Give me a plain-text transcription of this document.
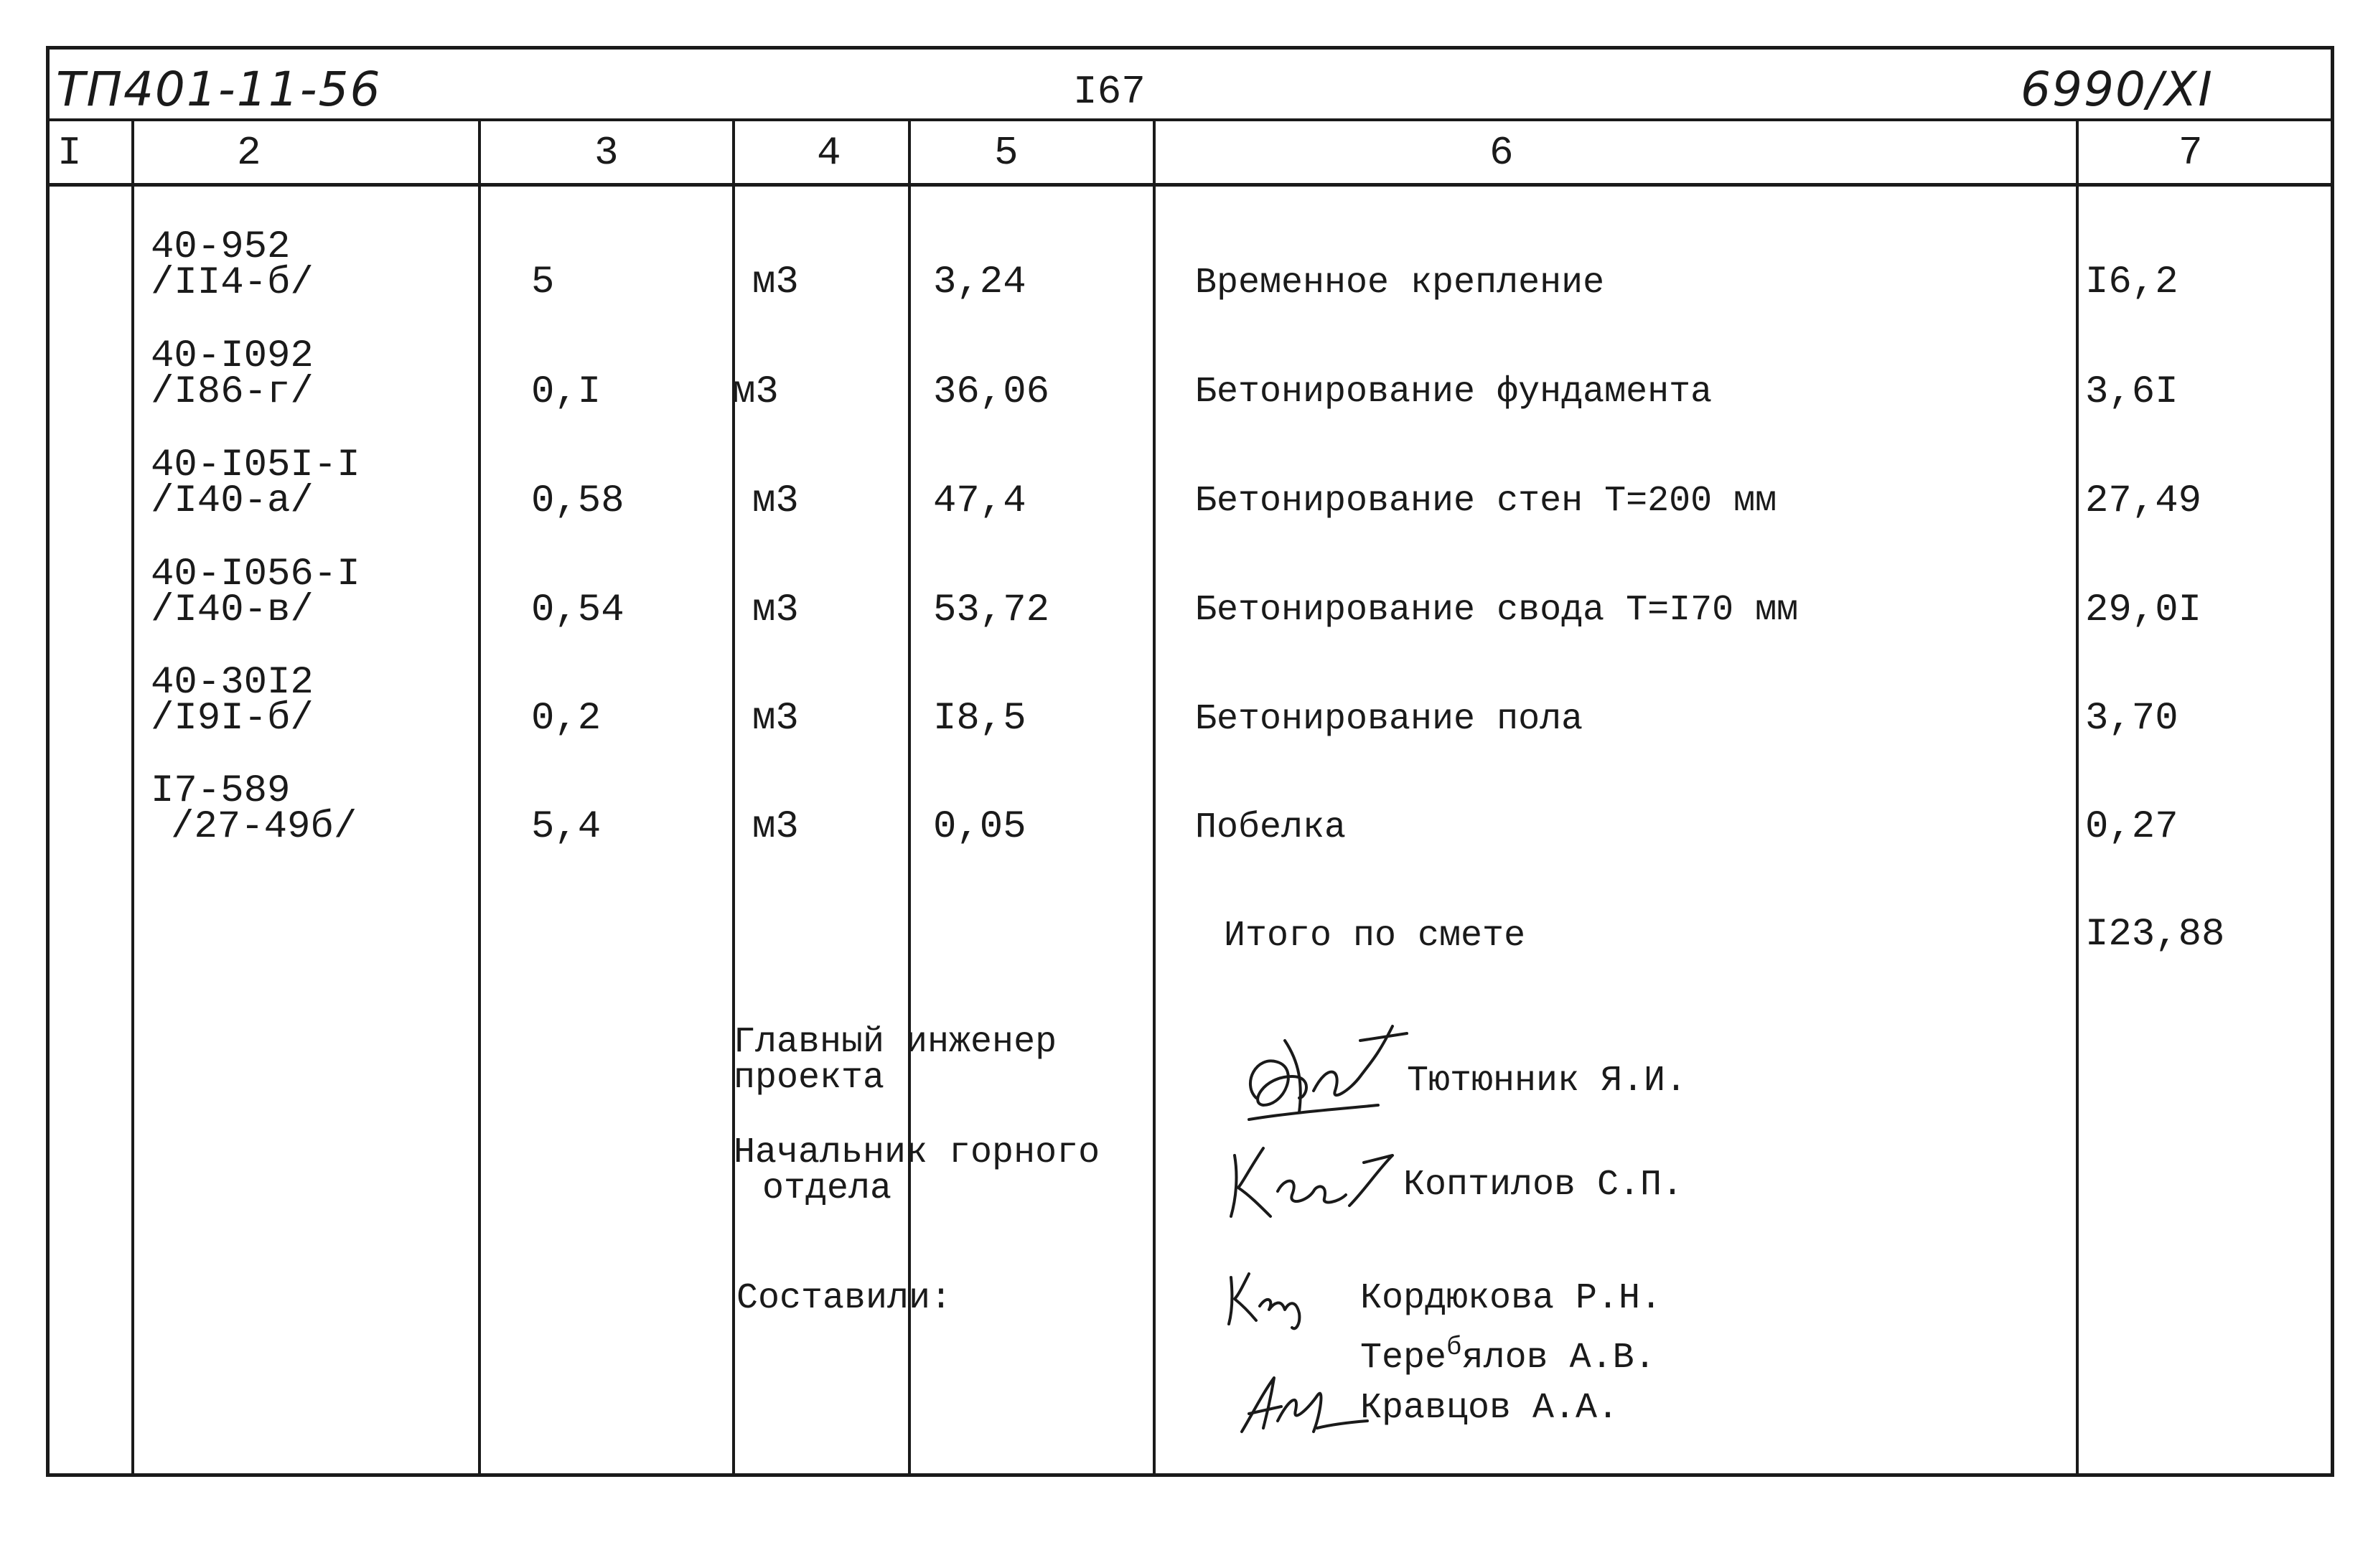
ТП401-11-56	I67	6990/XI
I	2	3	4	5	6	7
40-952
/II4-б/	5	м3	3,24	Временное крепление	I6,2
40-I092
/I86-г/	0,I	м3	36,06	Бетонирование фундамента	3,6I
40-I05I-I
/I40-а/	0,58	м3	47,4	Бетонирование стен Т=200 мм	27,49
40-I056-I
/I40-в/	0,54	м3	53,72	Бетонирование свода Т=I70 мм	29,0I
40-30I2
/I9I-б/	0,2	м3	I8,5	Бетонирование пола	3,70
I7-589
/27-49б/	5,4	м3	0,05	Побелка	0,27
Итого по смете	I23,88
Главный инженер
проекта	Тютюнник Я.И.
Начальник горного
отдела	Коптилов С.П.
Составили:	Кордюкова Р.Н.
Тере$^б$ялов А.В.
Кравцов А.А.
